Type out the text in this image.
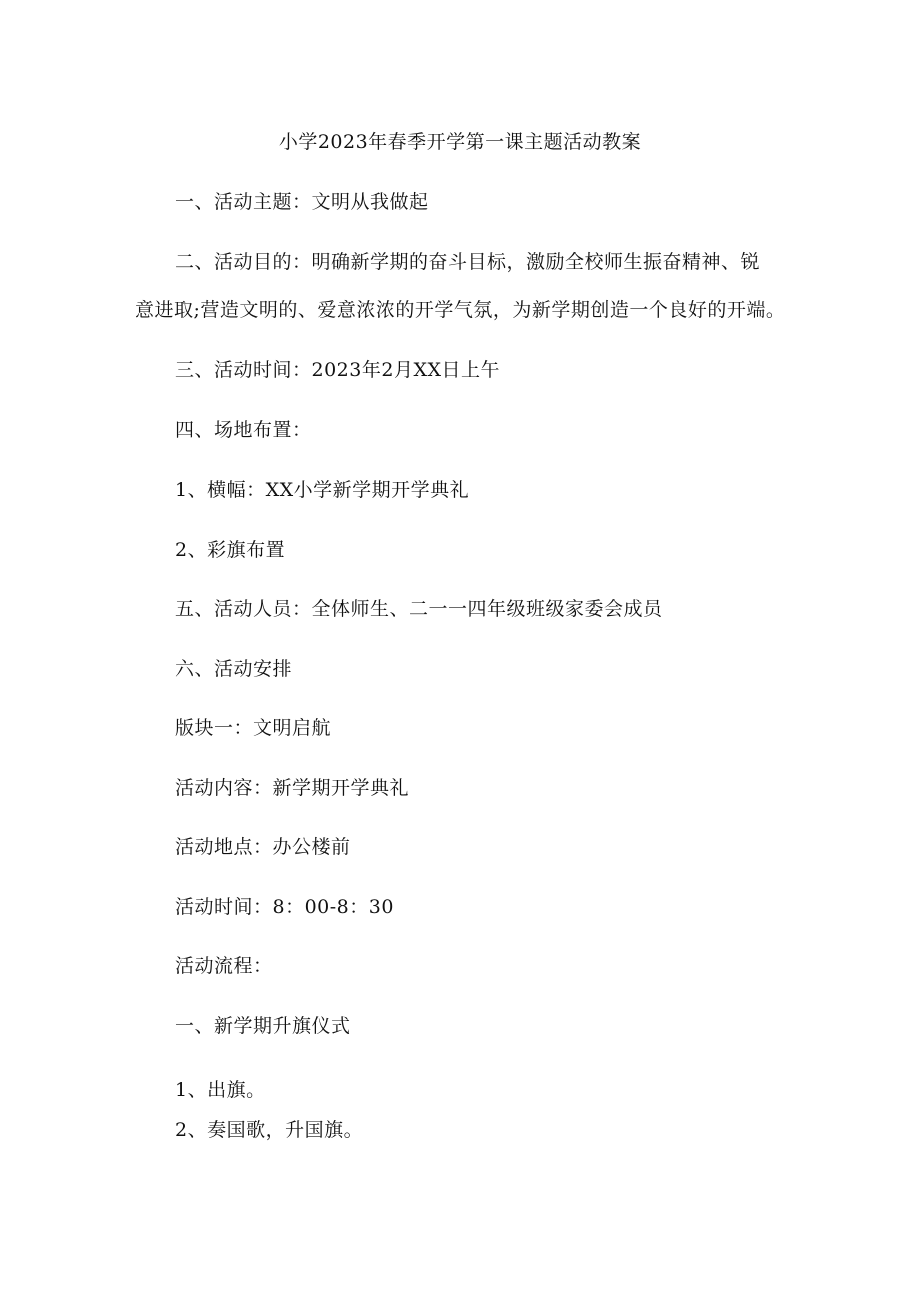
小学2023年春季开学第一课主题活动教案
一、活动主题：文明从我做起
二、活动目的：明确新学期的奋斗目标，激励全校师生振奋精神、锐
意进取;营造文明的、爱意浓浓的开学气氛，为新学期创造一个良好的开端。
三、活动时间：2023年2月XX日上午
四、场地布置：
1、横幅：XX小学新学期开学典礼
2、彩旗布置
五、活动人员：全体师生、二一一四年级班级家委会成员
六、活动安排
版块一：文明启航
活动内容：新学期开学典礼
活动地点：办公楼前
活动时间：8：00-8：30
活动流程：
一、新学期升旗仪式
1、出旗。
2、奏国歌，升国旗。
